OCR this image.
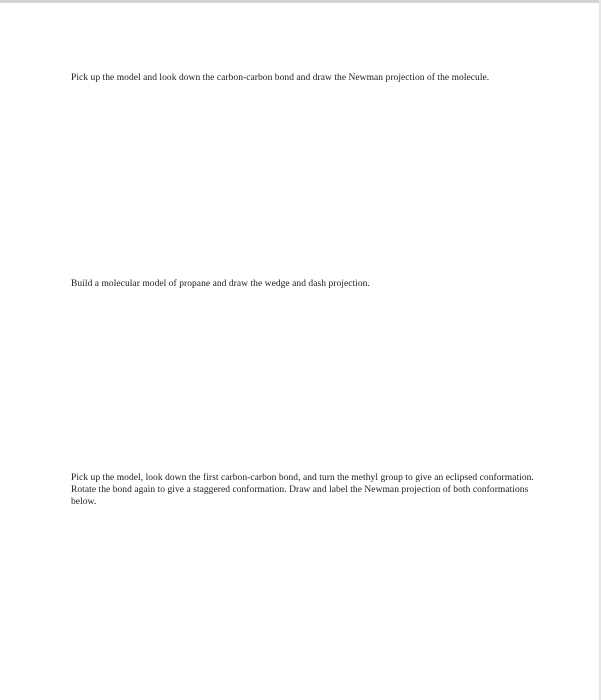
Pick up the model and look down the carbon-carbon bond and draw the Newman projection of the molecule.

Build a molecular model of propane and draw the wedge and dash projection.

Pick up the model, look down the first carbon-carbon bond, and turn the methyl group to give an eclipsed conformation. Rotate the bond again to give a staggered conformation. Draw and label the Newman projection of both conformations below.
